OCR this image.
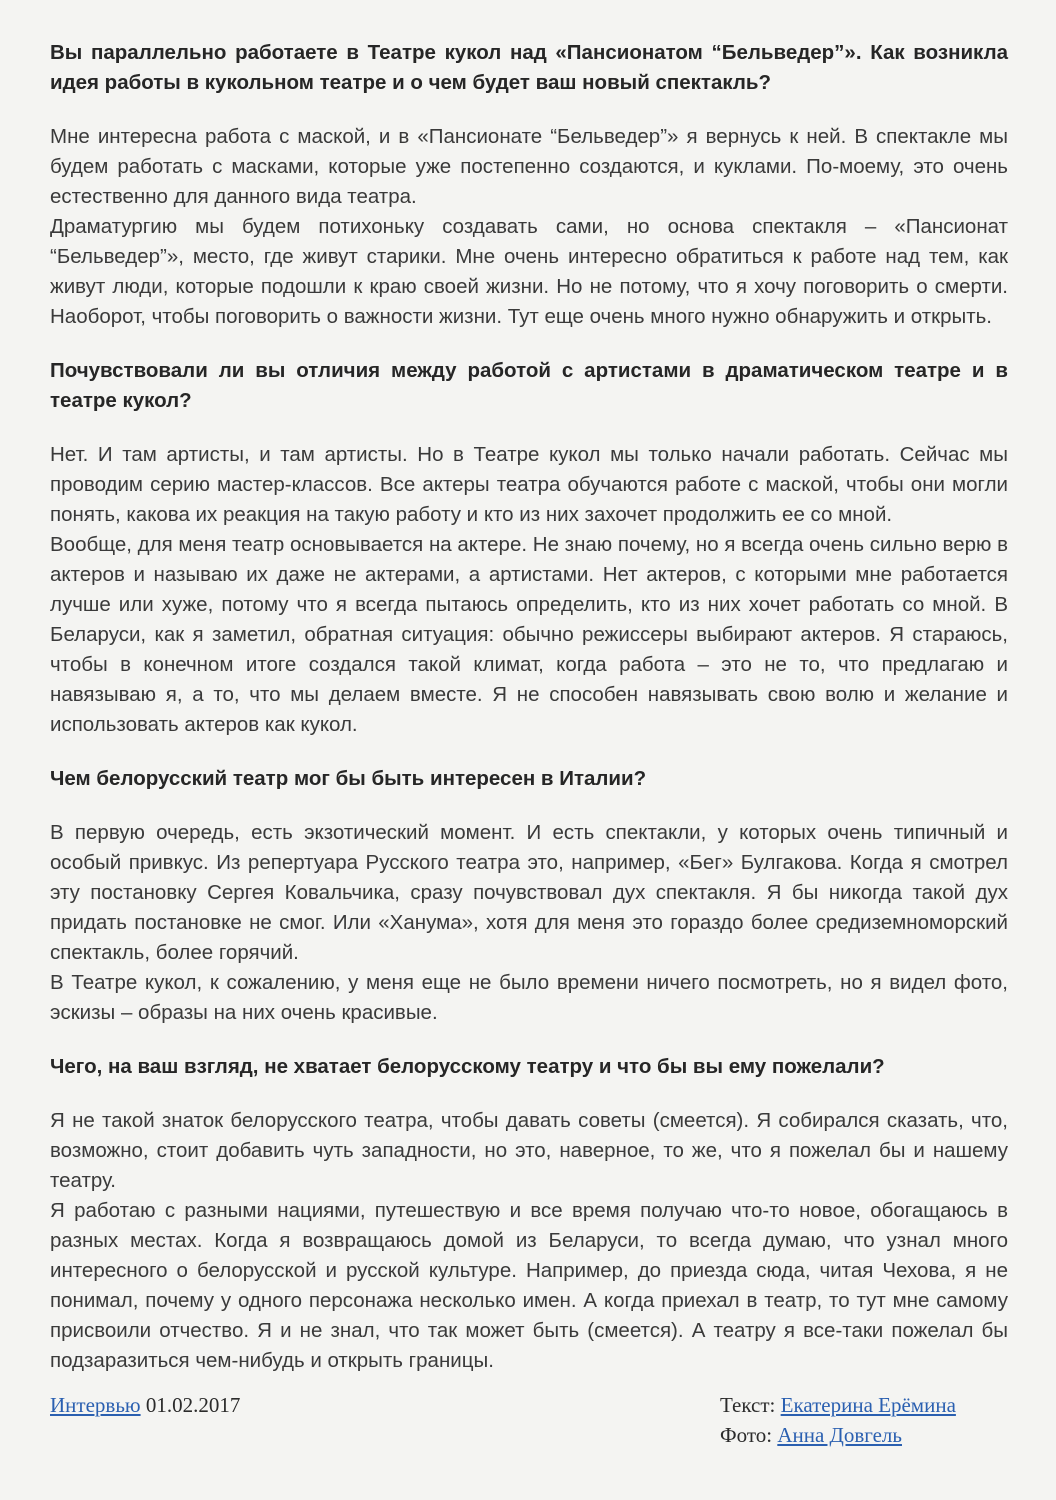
Вы параллельно работаете в Театре кукол над «Пансионатом “Бельведер”». Как возникла идея работы в кукольном театре и о чем будет ваш новый спектакль?

Мне интересна работа с маской, и в «Пансионате “Бельведер”» я вернусь к ней. В спектакле мы будем работать с масками, которые уже постепенно создаются, и куклами. По-моему, это очень естественно для данного вида театра.

Драматургию мы будем потихоньку создавать сами, но основа спектакля – «Пансионат “Бельведер”», место, где живут старики. Мне очень интересно обратиться к работе над тем, как живут люди, которые подошли к краю своей жизни. Но не потому, что я хочу поговорить о смерти. Наоборот, чтобы поговорить о важности жизни. Тут еще очень много нужно обнаружить и открыть.

Почувствовали ли вы отличия между работой с артистами в драматическом театре и в театре кукол?

Нет. И там артисты, и там артисты. Но в Театре кукол мы только начали работать. Сейчас мы проводим серию мастер-классов. Все актеры театра обучаются работе с маской, чтобы они могли понять, какова их реакция на такую работу и кто из них захочет продолжить ее со мной.

Вообще, для меня театр основывается на актере. Не знаю почему, но я всегда очень сильно верю в актеров и называю их даже не актерами, а артистами. Нет актеров, с которыми мне работается лучше или хуже, потому что я всегда пытаюсь определить, кто из них хочет работать со мной. В Беларуси, как я заметил, обратная ситуация: обычно режиссеры выбирают актеров. Я стараюсь, чтобы в конечном итоге создался такой климат, когда работа – это не то, что предлагаю и навязываю я, а то, что мы делаем вместе. Я не способен навязывать свою волю и желание и использовать актеров как кукол.

Чем белорусский театр мог бы быть интересен в Италии?

В первую очередь, есть экзотический момент. И есть спектакли, у которых очень типичный и особый привкус. Из репертуара Русского театра это, например, «Бег» Булгакова. Когда я смотрел эту постановку Сергея Ковальчика, сразу почувствовал дух спектакля. Я бы никогда такой дух придать постановке не смог. Или «Ханума», хотя для меня это гораздо более средиземноморский спектакль, более горячий.

В Театре кукол, к сожалению, у меня еще не было времени ничего посмотреть, но я видел фото, эскизы – образы на них очень красивые.

Чего, на ваш взгляд, не хватает белорусскому театру и что бы вы ему пожелали?

Я не такой знаток белорусского театра, чтобы давать советы (смеется). Я собирался сказать, что, возможно, стоит добавить чуть западности, но это, наверное, то же, что я пожелал бы и нашему театру.

Я работаю с разными нациями, путешествую и все время получаю что-то новое, обогащаюсь в разных местах. Когда я возвращаюсь домой из Беларуси, то всегда думаю, что узнал много интересного о белорусской и русской культуре. Например, до приезда сюда, читая Чехова, я не понимал, почему у одного персонажа несколько имен. А когда приехал в театр, то тут мне самому присвоили отчество. Я и не знал, что так может быть (смеется). А театру я все-таки пожелал бы подзаразиться чем-нибудь и открыть границы.

Интервью 01.02.2017	Текст: Екатерина Ерёмина
Фото: Анна Довгель
